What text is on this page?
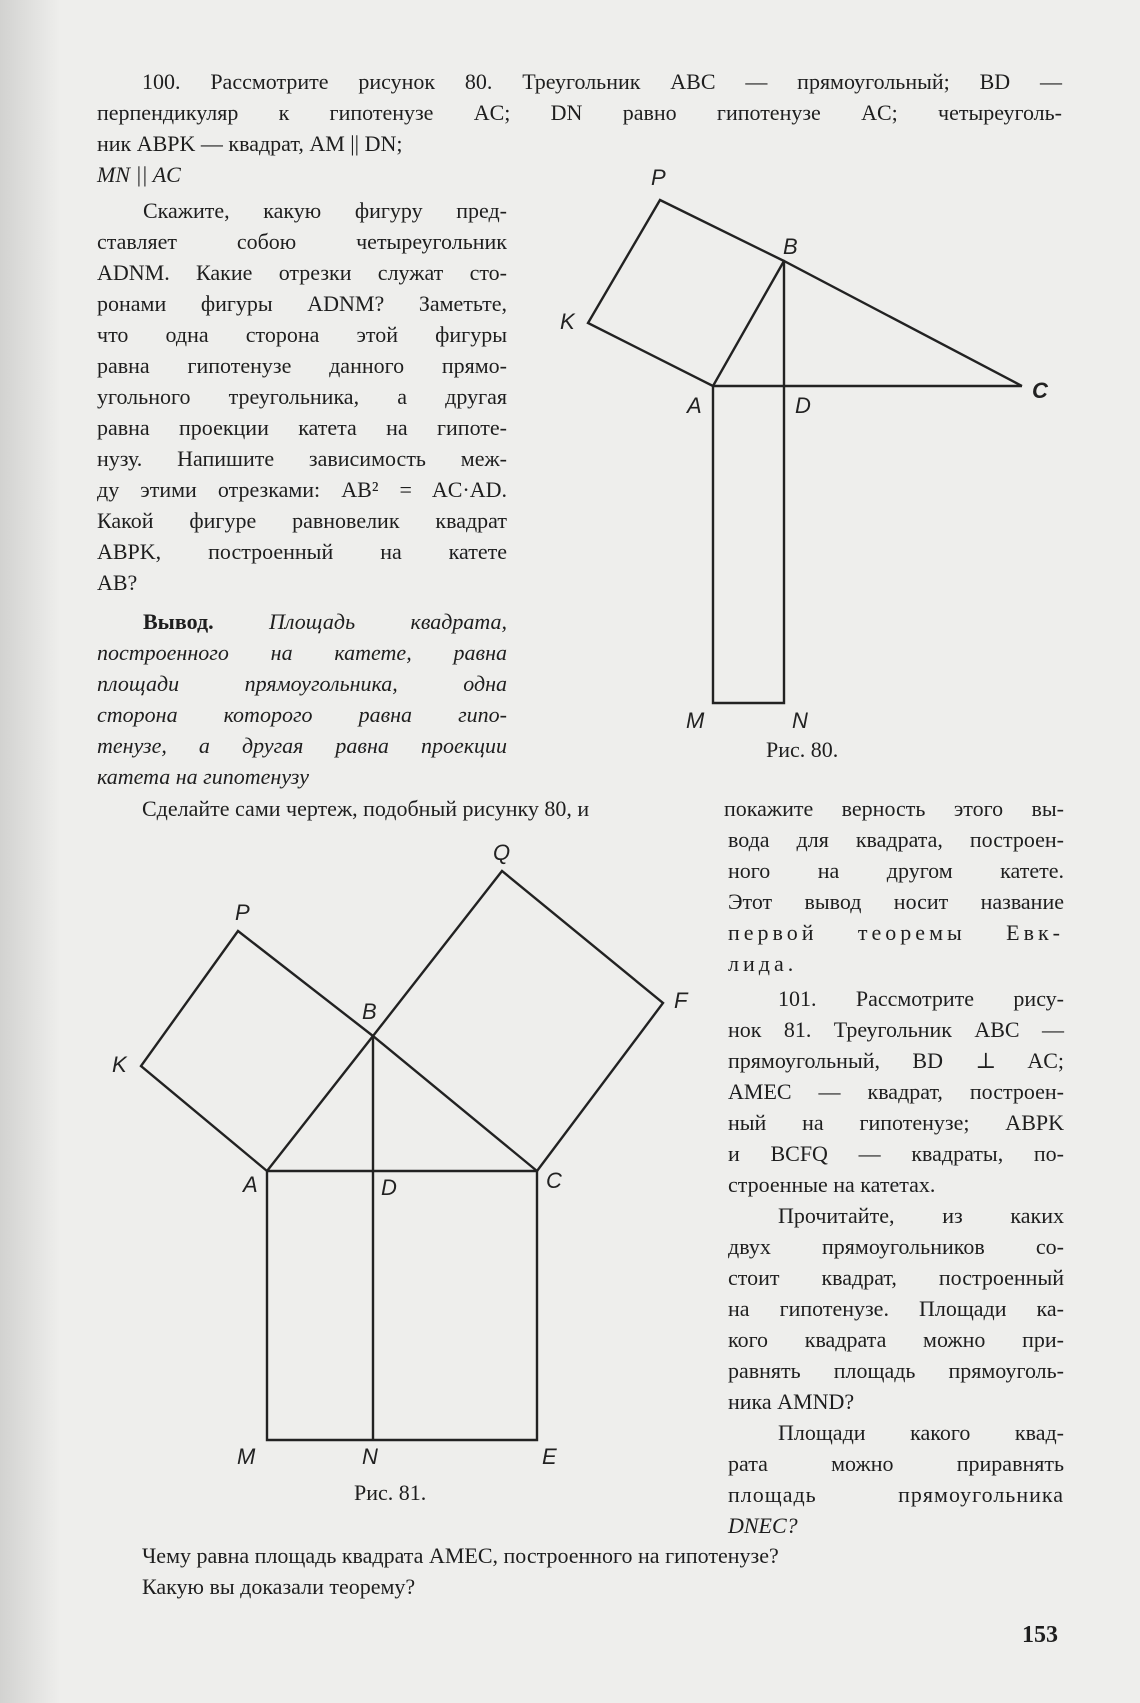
100. Рассмотрите рисунок 80. Треугольник ABC — прямоугольный; BD —
перпендикуляр к гипотенузе AC; DN равно гипотенузе AC; четыреуголь-
ник ABPK — квадрат, AM || DN;
MN || AC
Скажите, какую фигуру пред-
ставляет собою четыреугольник
ADNM. Какие отрезки служат сто-
ронами фигуры ADNM? Заметьте,
что одна сторона этой фигуры
равна гипотенузе данного прямо-
угольного треугольника, а другая
равна проекции катета на гипоте-
нузу. Напишите зависимость меж-
ду этими отрезками: AB² = AC·AD.
Какой фигуре равновелик квадрат
ABPK, построенный на катете
AB?
Вывод.	Площадь квадрата,
построенного на катете, равна
площади прямоугольника, одна
сторона которого равна гипо-
тенузе, а другая равна проекции
катета на гипотенузу
Сделайте сами чертеж, подобный рисунку 80, и	покажите верность этого вы-
вода для квадрата, построен-
ного на другом катете.
Этот вывод носит название
первой теоремы Евк-
лида.
101. Рассмотрите рису-
нок 81. Треугольник ABC —
прямоугольный, BD ⊥ AC;
AMEC — квадрат, построен-
ный на гипотенузе; ABPK
и BCFQ — квадраты, по-
строенные на катетах.
Прочитайте, из каких
двух прямоугольников со-
стоит квадрат, построенный
на гипотенузе. Площади ка-
кого квадрата можно при-
равнять площадь прямоуголь-
ника AMND?
Площади какого квад-
рата можно приравнять
площадь прямоугольника
DNEC?
Чему равна площадь квадрата AMEC, построенного на гипотенузе?
Какую вы доказали теорему?
153
P
B
K
A	D
C
M	N
Рис. 80.
Q
P
B	F
K
A	D	C
M	N	E
Рис. 81.
